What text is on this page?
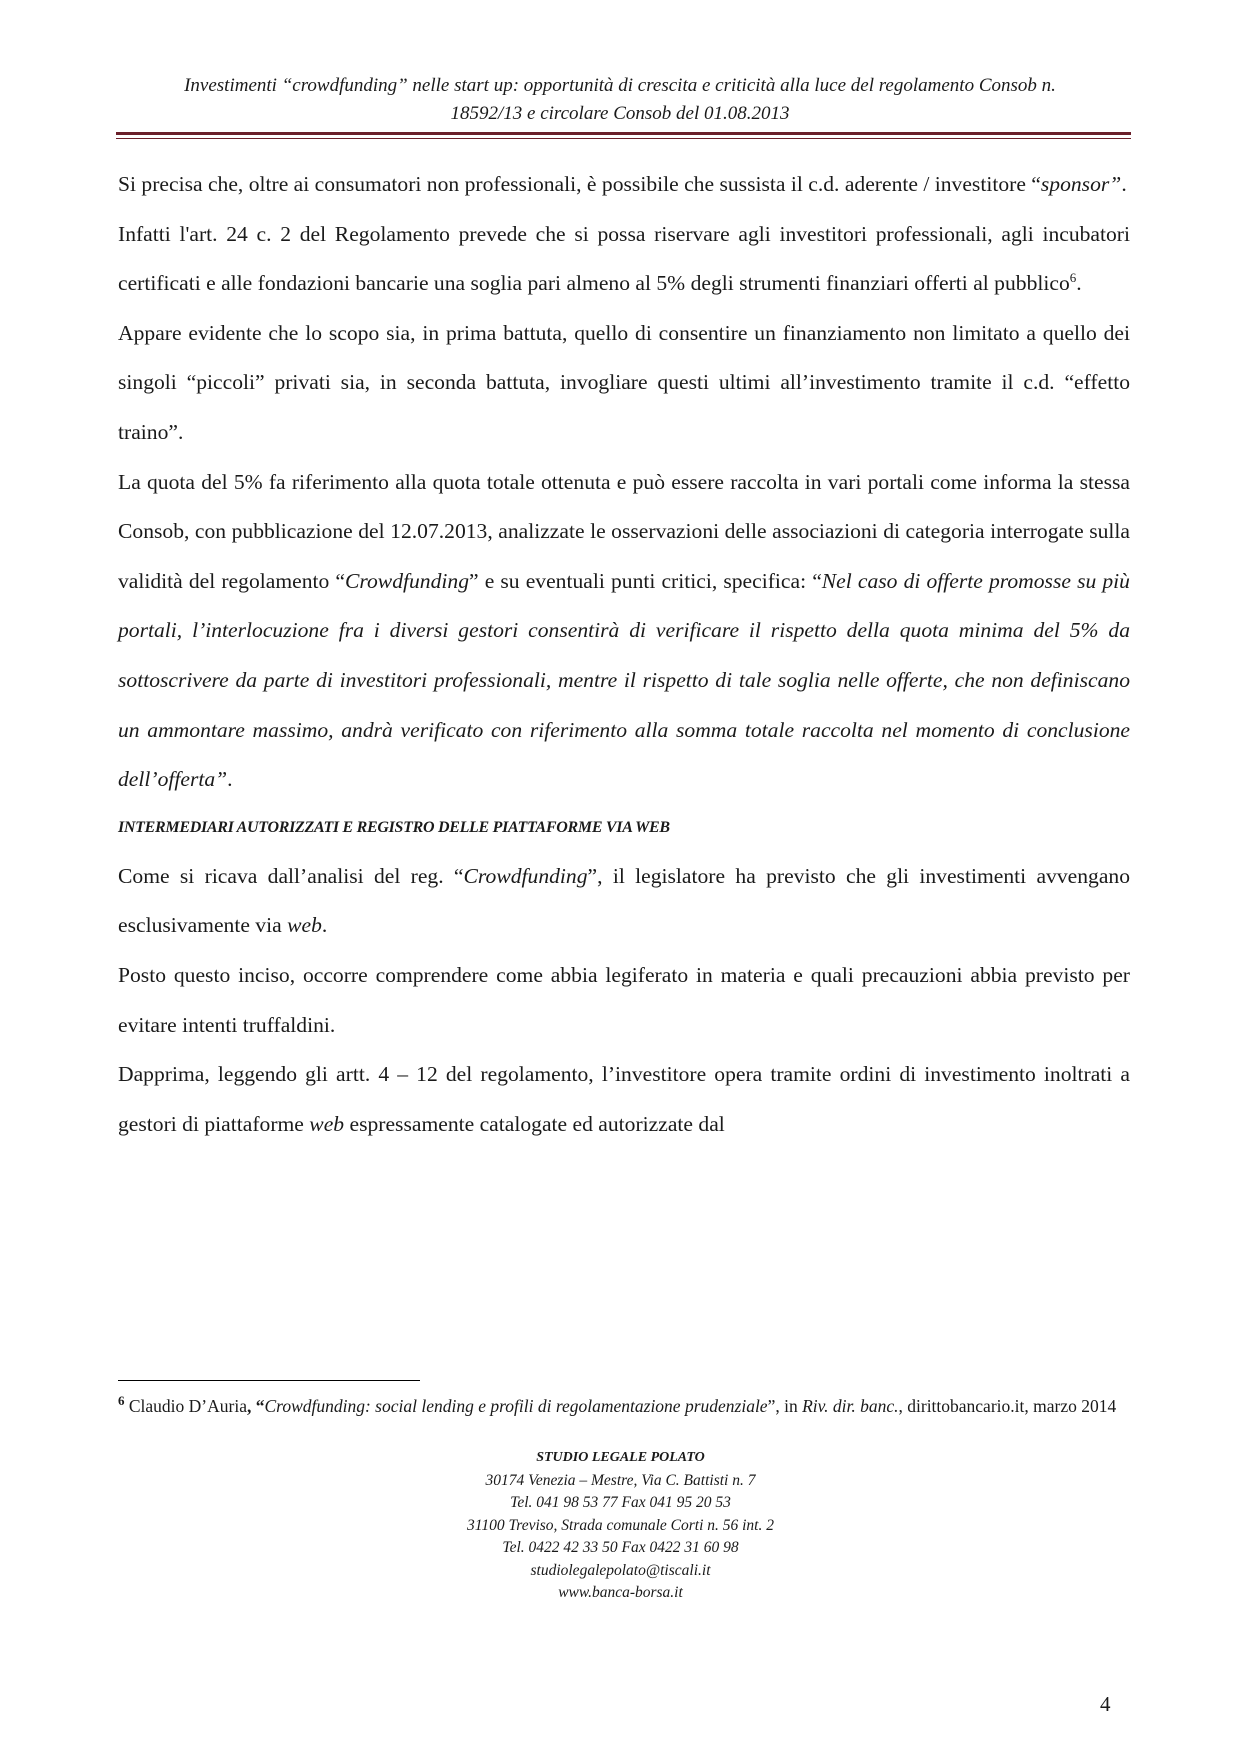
Investimenti “crowdfunding” nelle start up: opportunità di crescita e criticità alla luce del regolamento Consob n.
18592/13 e circolare Consob del 01.08.2013

Si precisa che, oltre ai consumatori non professionali, è possibile che sussista il c.d. aderente / investitore “sponsor”.

Infatti l'art. 24 c. 2 del Regolamento prevede che si possa riservare agli investitori professionali, agli incubatori certificati e alle fondazioni bancarie una soglia pari almeno al 5% degli strumenti finanziari offerti al pubblico$^6$.

Appare evidente che lo scopo sia, in prima battuta, quello di consentire un finanziamento non limitato a quello dei singoli “piccoli” privati sia, in seconda battuta, invogliare questi ultimi all’investimento tramite il c.d. “effetto traino”.

La quota del 5% fa riferimento alla quota totale ottenuta e può essere raccolta in vari portali come informa la stessa Consob, con pubblicazione del 12.07.2013, analizzate le osservazioni delle associazioni di categoria interrogate sulla validità del regolamento “Crowdfunding” e su eventuali punti critici, specifica: “Nel caso di offerte promosse su più portali, l’interlocuzione fra i diversi gestori consentirà di verificare il rispetto della quota minima del 5% da sottoscrivere da parte di investitori professionali, mentre il rispetto di tale soglia nelle offerte, che non definiscano un ammontare massimo, andrà verificato con riferimento alla somma totale raccolta nel momento di conclusione dell’offerta”.

INTERMEDIARI AUTORIZZATI E REGISTRO DELLE PIATTAFORME VIA WEB

Come si ricava dall’analisi del reg. “Crowdfunding”, il legislatore ha previsto che gli investimenti avvengano esclusivamente via web.

Posto questo inciso, occorre comprendere come abbia legiferato in materia e quali precauzioni abbia previsto per evitare intenti truffaldini.

Dapprima, leggendo gli artt. 4 – 12 del regolamento, l’investitore opera tramite ordini di investimento inoltrati a gestori di piattaforme web espressamente catalogate ed autorizzate dal

$^6$ Claudio D’Auria, “Crowdfunding: social lending e profili di regolamentazione prudenziale”, in Riv. dir. banc., dirittobancario.it, marzo 2014
STUDIO LEGALE POLATO
30174 Venezia – Mestre, Via C. Battisti n. 7
Tel. 041 98 53 77 Fax 041 95 20 53
31100 Treviso, Strada comunale Corti n. 56 int. 2
Tel. 0422 42 33 50 Fax 0422 31 60 98
studiolegalepolato@tiscali.it
www.banca-borsa.it
4
